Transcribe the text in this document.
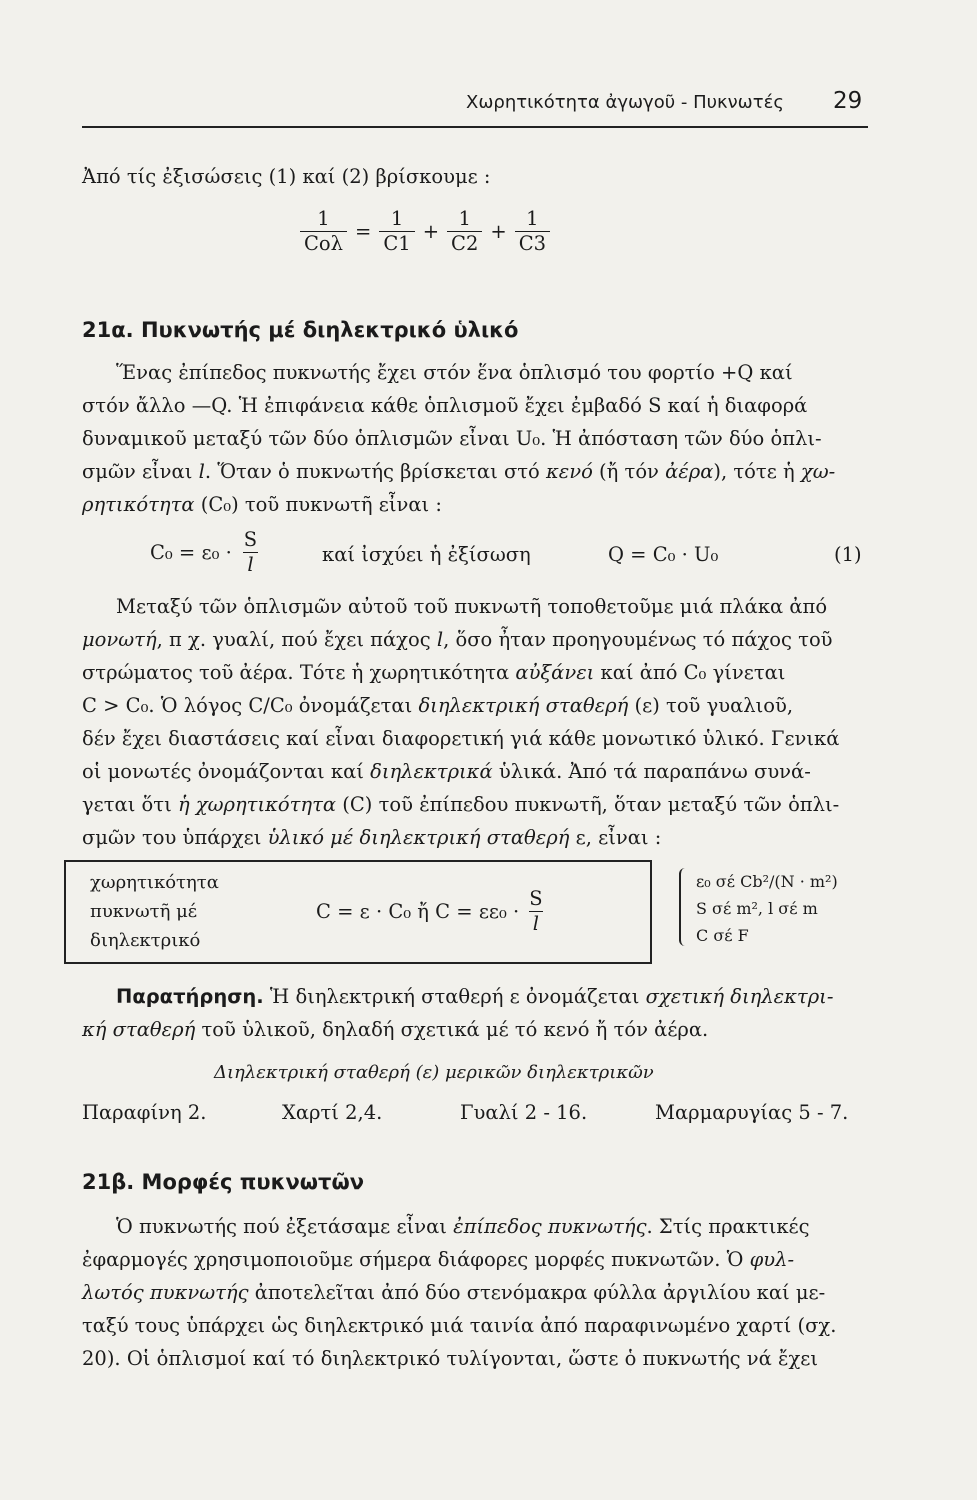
Χωρητικότητα ἀγωγοῦ - Πυκνωτές 29
Ἀπό τίς ἐξισώσεις (1) καί (2) βρίσκουμε :
$\frac{1}{\text{Cολ}} = \frac{1}{C1} + \frac{1}{C2} + \frac{1}{C3}$
21α. Πυκνωτής μέ διηλεκτρικό ὑλικό
Ἕνας ἐπίπεδος πυκνωτής ἔχει στόν ἕνα ὁπλισμό του φορτίο +Q καί
στόν ἄλλο —Q. Ἡ ἐπιφάνεια κάθε ὁπλισμοῦ ἔχει ἐμβαδό S καί ἡ διαφορά
δυναμικοῦ μεταξύ τῶν δύο ὁπλισμῶν εἶναι U₀. Ἡ ἀπόσταση τῶν δύο ὁπλι-
σμῶν εἶναι l. Ὅταν ὁ πυκνωτής βρίσκεται στό κενό (ἤ τόν ἀέρα), τότε ἡ χω-
ρητικότητα (C₀) τοῦ πυκνωτῆ εἶναι :
$C_0 = \varepsilon_0 \cdot \frac{S}{l}$	καί ἰσχύει ἡ ἐξίσωση	Q = C₀ · U₀	(1)
Μεταξύ τῶν ὁπλισμῶν αὐτοῦ τοῦ πυκνωτῆ τοποθετοῦμε μιά πλάκα ἀπό
μονωτή, π χ. γυαλί, πού ἔχει πάχος l, ὅσο ἦταν προηγουμένως τό πάχος τοῦ
στρώματος τοῦ ἀέρα. Τότε ἡ χωρητικότητα αὐξάνει καί ἀπό C₀ γίνεται
C > C₀. Ὁ λόγος C/C₀ ὀνομάζεται διηλεκτρική σταθερή (ε) τοῦ γυαλιοῦ,
δέν ἔχει διαστάσεις καί εἶναι διαφορετική γιά κάθε μονωτικό ὑλικό. Γενικά
οἱ μονωτές ὀνομάζονται καί διηλεκτρικά ὑλικά. Ἀπό τά παραπάνω συνά-
γεται ὅτι ἡ χωρητικότητα (C) τοῦ ἐπίπεδου πυκνωτῆ, ὅταν μεταξύ τῶν ὁπλι-
σμῶν του ὑπάρχει ὑλικό μέ διηλεκτρική σταθερή ε, εἶναι :
χωρητικότητα
πυκνωτῆ μέ
διηλεκτρικό
C = ε · C₀ ἤ $C = \varepsilon\varepsilon_0 \cdot \frac{S}{l}$
ε₀ σέ Cb²/(N · m²)
S σέ m², l σέ m
C σέ F
Παρατήρηση. Ἡ διηλεκτρική σταθερή ε ὀνομάζεται σχετική διηλεκτρι-
κή σταθερή τοῦ ὑλικοῦ, δηλαδή σχετικά μέ τό κενό ἤ τόν ἀέρα.
Διηλεκτρική σταθερή (ε) μερικῶν διηλεκτρικῶν
Παραφίνη 2.	Χαρτί 2,4.	Γυαλί 2 - 16.	Μαρμαρυγίας 5 - 7.
21β. Μορφές πυκνωτῶν
Ὁ πυκνωτής πού ἐξετάσαμε εἶναι ἐπίπεδος πυκνωτής. Στίς πρακτικές
ἐφαρμογές χρησιμοποιοῦμε σήμερα διάφορες μορφές πυκνωτῶν. Ὁ φυλ-
λωτός πυκνωτής ἀποτελεῖται ἀπό δύο στενόμακρα φύλλα ἀργιλίου καί με-
ταξύ τους ὑπάρχει ὡς διηλεκτρικό μιά ταινία ἀπό παραφινωμένο χαρτί (σχ.
20). Οἱ ὁπλισμοί καί τό διηλεκτρικό τυλίγονται, ὥστε ὁ πυκνωτής νά ἔχει
